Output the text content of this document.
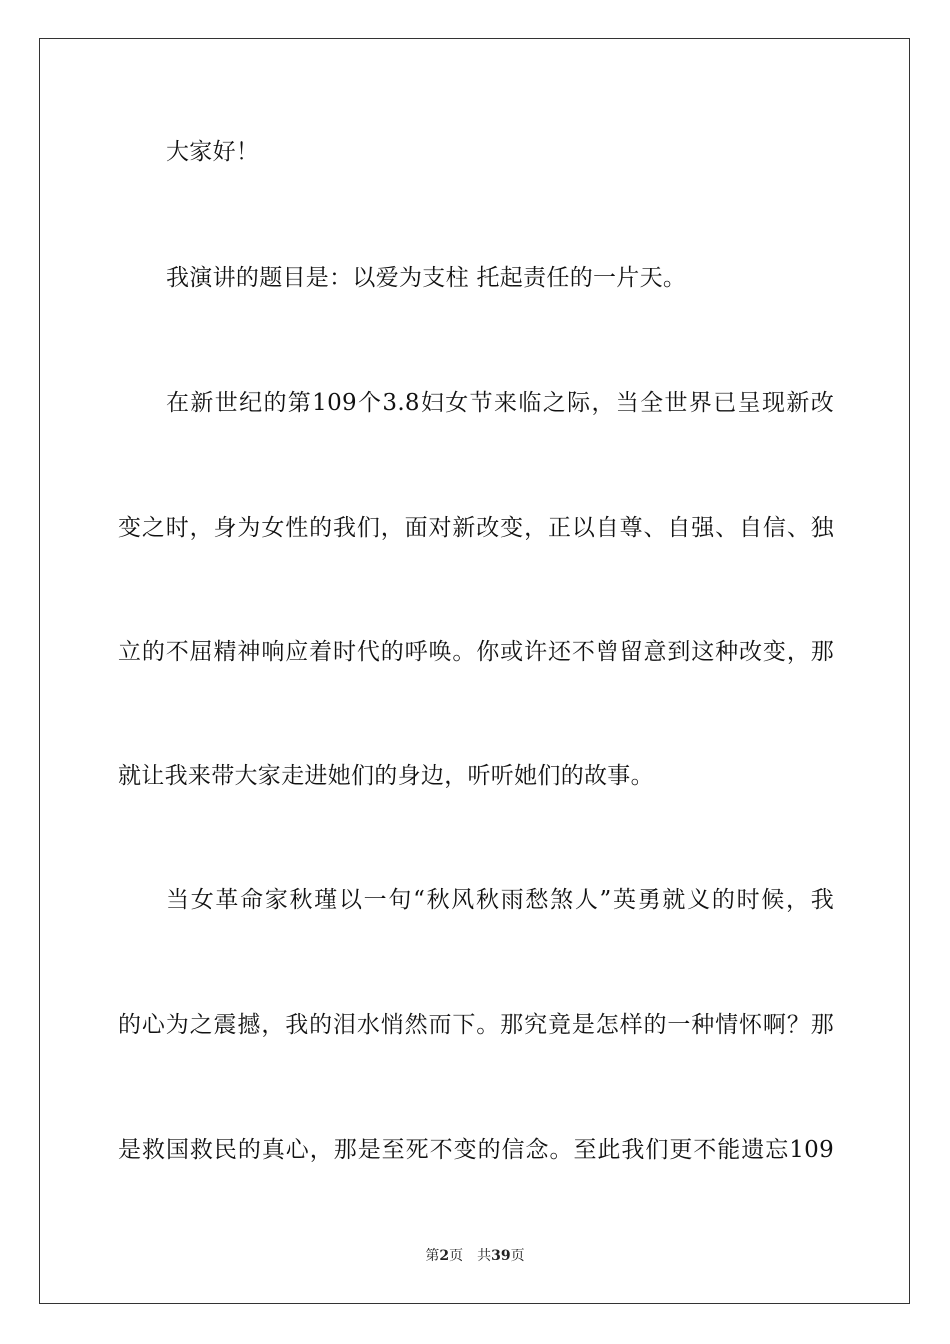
大家好！
我演讲的题目是：以爱为支柱 托起责任的一片天。
在新世纪的第109个3.8妇女节来临之际，当全世界已呈现新改
变之时，身为女性的我们，面对新改变，正以自尊、自强、自信、独
立的不屈精神响应着时代的呼唤。你或许还不曾留意到这种改变，那
就让我来带大家走进她们的身边，听听她们的故事。
当女革命家秋瑾以一句“秋风秋雨愁煞人”英勇就义的时候，我
的心为之震撼，我的泪水悄然而下。那究竟是怎样的一种情怀啊？那
是救国救民的真心，那是至死不变的信念。至此我们更不能遗忘109
第2页 共39页
